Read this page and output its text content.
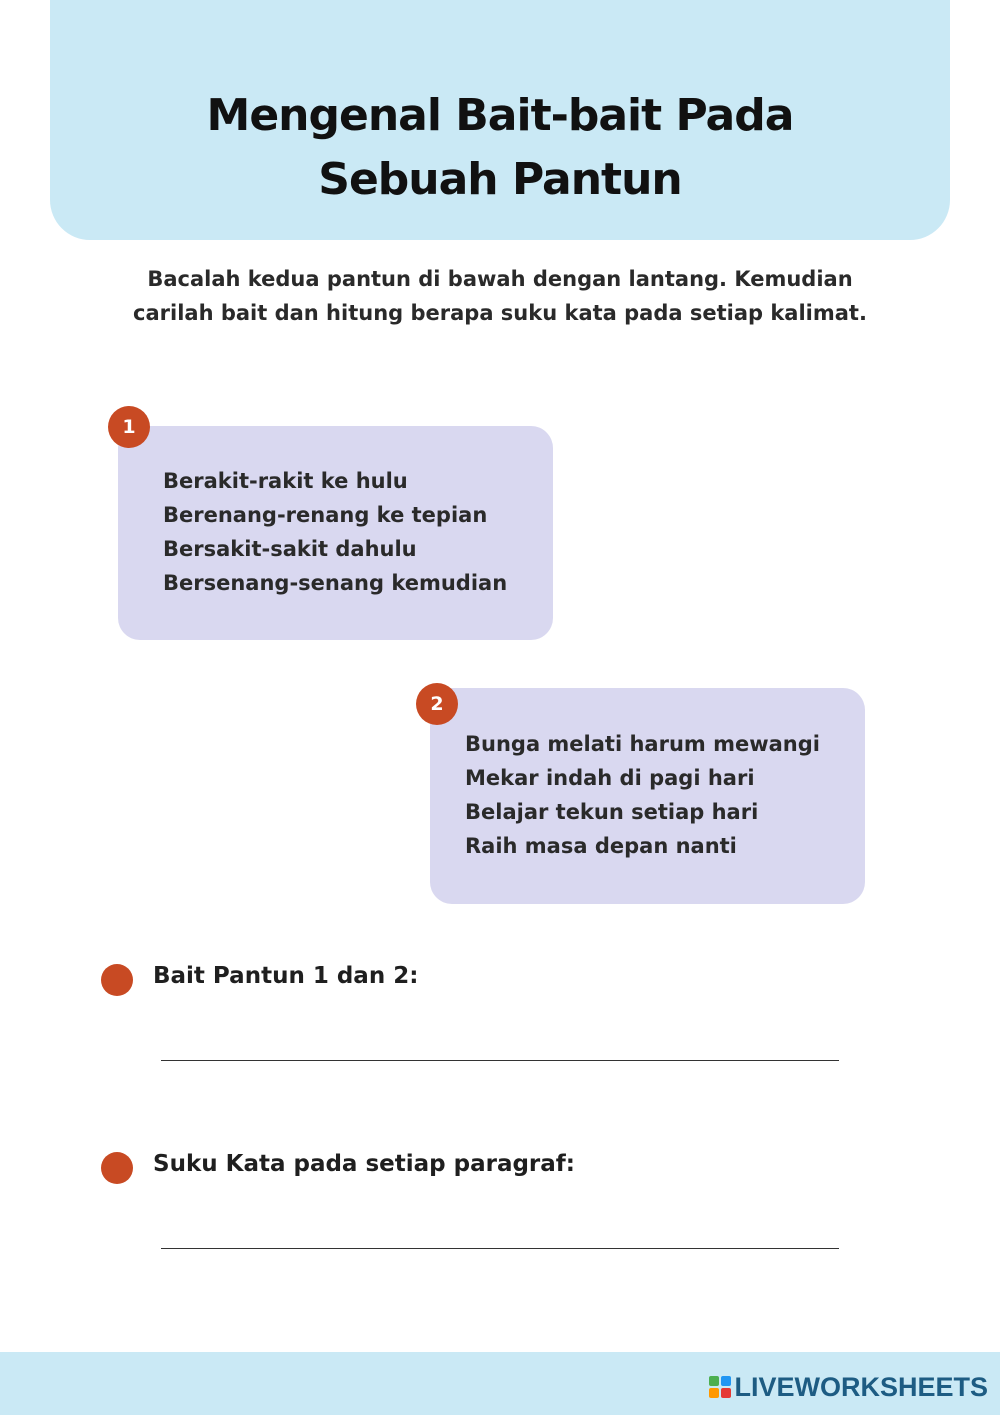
Mengenal Bait-bait Pada
Sebuah Pantun
Bacalah kedua pantun di bawah dengan lantang. Kemudian
carilah bait dan hitung berapa suku kata pada setiap kalimat.
1
Berakit-rakit ke hulu
Berenang-renang ke tepian
Bersakit-sakit dahulu
Bersenang-senang kemudian
2
Bunga melati harum mewangi
Mekar indah di pagi hari
Belajar tekun setiap hari
Raih masa depan nanti
Bait Pantun 1 dan 2:
Suku Kata pada setiap paragraf:
LIVEWORKSHEETS
